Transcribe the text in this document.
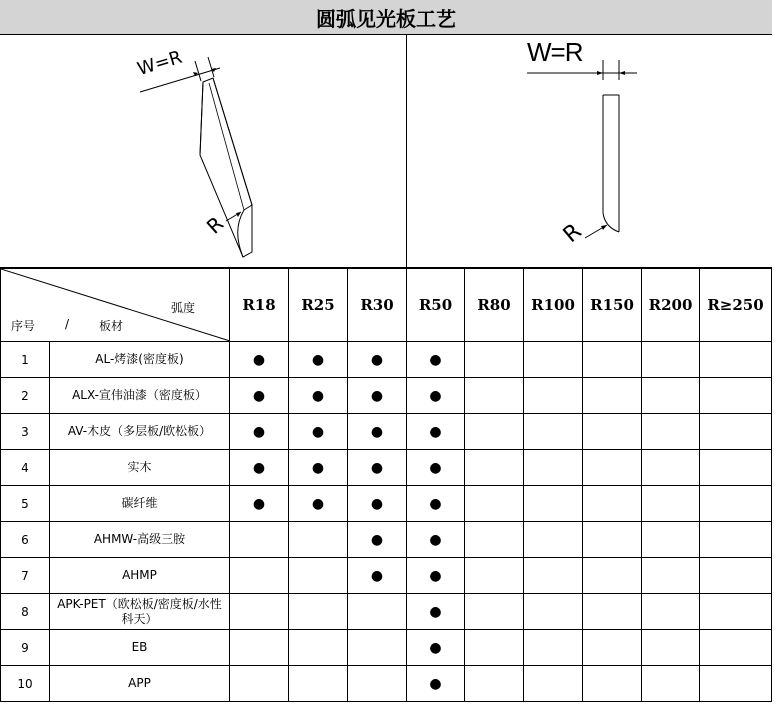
圆弧见光板工艺
W=R
R
W=R
R
弧度
序号 / 板材		R18	R25	R30	R50	R80	R100	R150	R200	R≥250
1	AL-烤漆(密度板)	●	●	●	●					
2	ALX-宣伟油漆（密度板）	●	●	●	●					
3	AV-木皮（多层板/欧松板）	●	●	●	●					
4	实木	●	●	●	●					
5	碳纤维	●	●	●	●					
6	AHMW-高级三胺			●	●					
7	AHMP			●	●					
8	APK-PET（欧松板/密度板/水性科天）				●					
9	EB				●					
10	APP				●					
